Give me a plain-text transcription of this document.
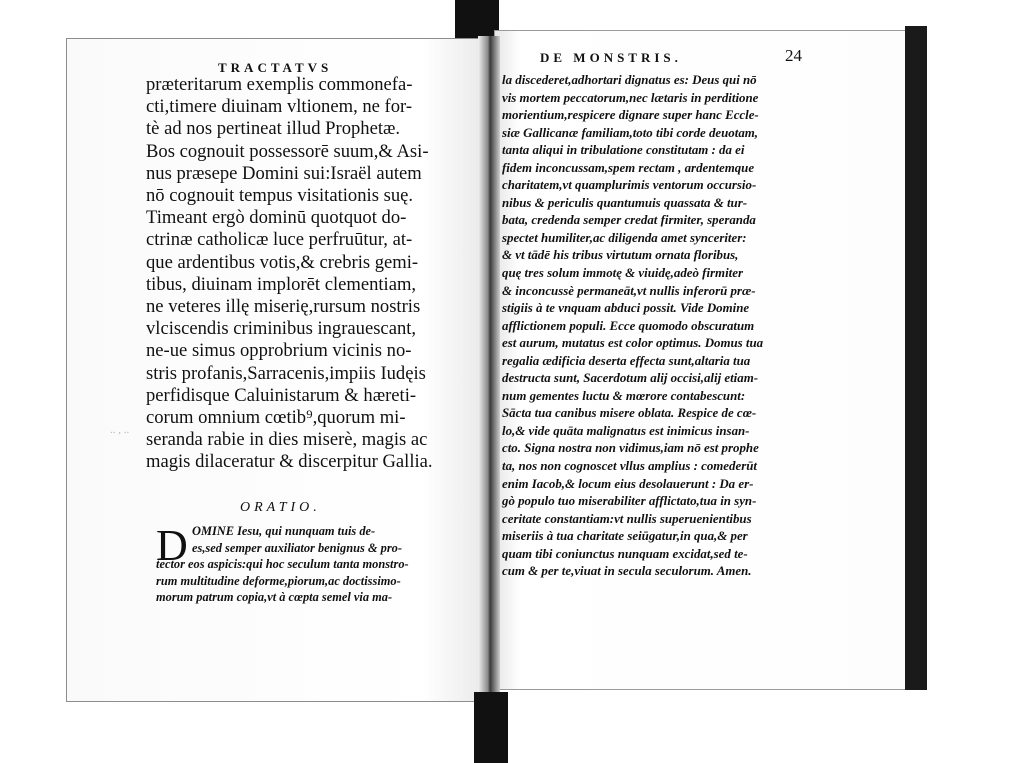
.. , ..
TRACTATVS
præteritarum exemplis commonefa-
cti,timere diuinam vltionem, ne for-
tè ad nos pertineat illud Prophetæ.
Bos cognouit possessorē suum,& Asi-
nus præsepe Domini sui:Israël autem
nō cognouit tempus visitationis suę.
Timeant ergò dominū quotquot do-
ctrinæ catholicæ luce perfruūtur, at-
que ardentibus votis,& crebris gemi-
tibus, diuinam implorēt clementiam,
ne veteres illę miserię,rursum nostris
vlciscendis criminibus ingrauescant,
ne-ue simus opprobrium vicinis no-
stris profanis,Sarracenis,impiis Iudęis
perfidisque Caluinistarum & hæreti-
corum omnium cœtib⁹,quorum mi-
seranda rabie in dies miserè, magis ac
magis dilaceratur & discerpitur Gallia.
ORATIO.
D OMINE Iesu, qui nunquam tuis de-
es,sed semper auxiliator benignus & pro-
tector eos aspicis:qui hoc seculum tanta monstro-
rum multitudine deforme,piorum,ac doctissimo-
morum patrum copia,vt à cœpta semel via ma-
DE MONSTRIS.	24
la discederet,adhortari dignatus es: Deus qui nō
vis mortem peccatorum,nec lætaris in perditione
morientium,respicere dignare super hanc Eccle-
siæ Gallicanæ familiam,toto tibi corde deuotam,
tanta aliqui in tribulatione constitutam : da ei
fidem inconcussam,spem rectam , ardentemque
charitatem,vt quamplurimis ventorum occursio-
nibus & periculis quantumuis quassata & tur-
bata, credenda semper credat firmiter, speranda
spectet humiliter,ac diligenda amet synceriter:
& vt tādē his tribus virtutum ornata floribus,
quę tres solum immotę & viuidę,adeò firmiter
& inconcussè permaneāt,vt nullis inferorū præ-
stigiis à te vnquam abduci possit. Vide Domine
afflictionem populi. Ecce quomodo obscuratum
est aurum, mutatus est color optimus. Domus tua
regalia ædificia deserta effecta sunt,altaria tua
destructa sunt, Sacerdotum alij occisi,alij etiam-
num gementes luctu & mœrore contabescunt:
Sācta tua canibus misere oblata. Respice de cœ-
lo,& vide quāta malignatus est inimicus insan-
cto. Signa nostra non vidimus,iam nō est prophe
ta, nos non cognoscet vllus amplius : comederūt
enim Iacob,& locum eius desolauerunt : Da er-
gò populo tuo miserabiliter afflictato,tua in syn-
ceritate constantiam:vt nullis superuenientibus
miseriis à tua charitate seiūgatur,in qua,& per
quam tibi coniunctus nunquam excidat,sed te-
cum & per te,viuat in secula seculorum. Amen.
